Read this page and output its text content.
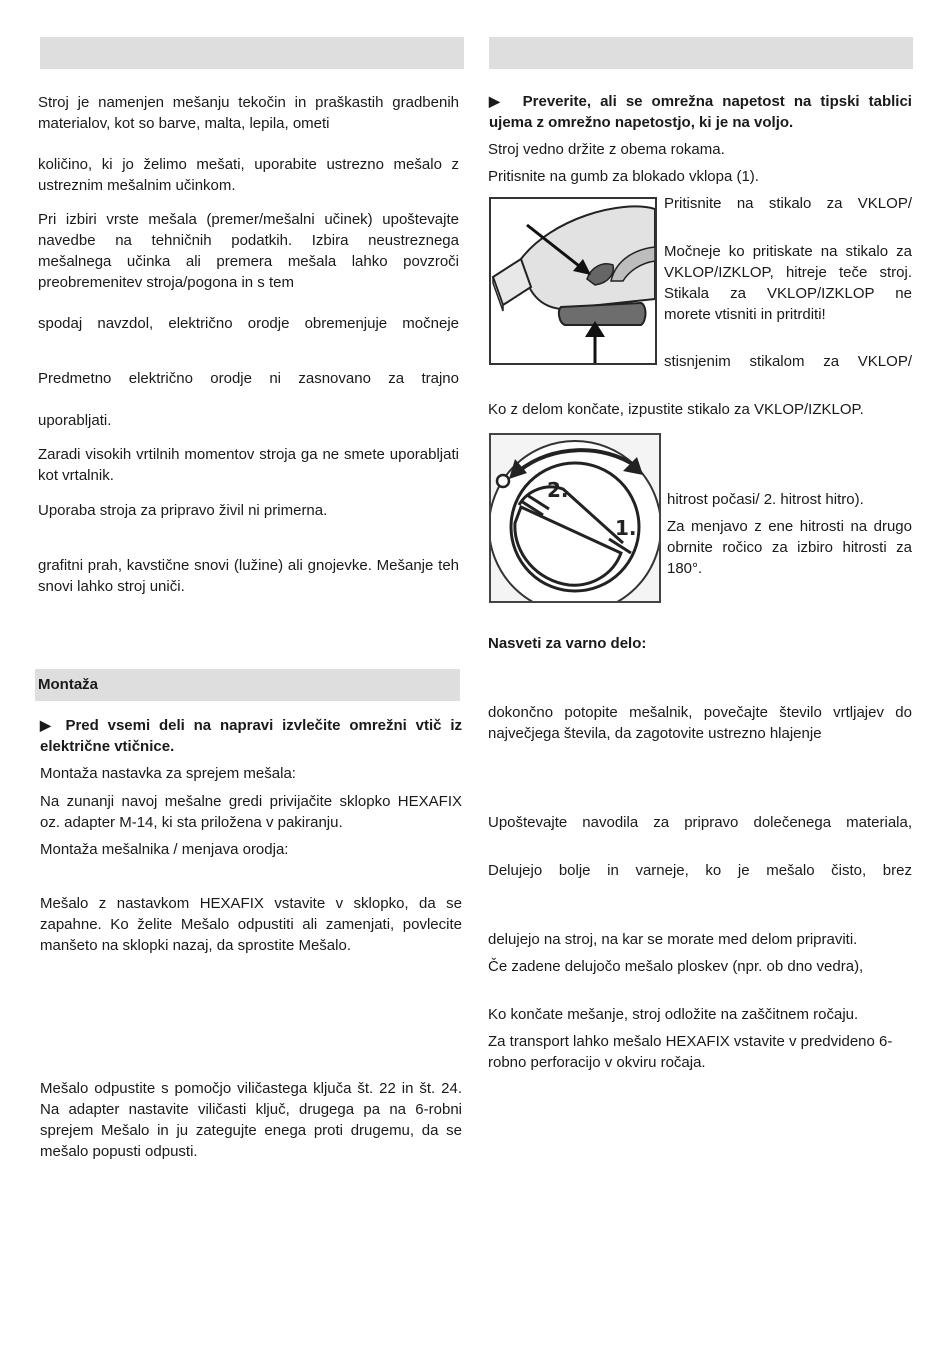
Stroj je namenjen mešanju tekočin in praškastih gradbenih materialov, kot so barve, malta, lepila, ometi

količino, ki jo želimo mešati, uporabite ustrezno mešalo z ustreznim mešalnim učinkom.

Pri izbiri vrste mešala (premer/mešalni učinek) upoštevajte navedbe na tehničnih podatkih. Izbira neustreznega mešalnega učinka ali premera mešala lahko povzroči preobremenitev stroja/pogona in s tem

spodaj navzdol, električno orodje obremenjuje močneje

Predmetno električno orodje ni zasnovano za trajno

uporabljati.

Zaradi visokih vrtilnih momentov stroja ga ne smete uporabljati kot vrtalnik.

Uporaba stroja za pripravo živil ni primerna.

grafitni prah, kavstične snovi (lužine) ali gnojevke. Mešanje teh snovi lahko stroj uniči.

Montaža

▶ Pred vsemi deli na napravi izvlečite omrežni vtič iz električne vtičnice.

Montaža nastavka za sprejem mešala:

Na zunanji navoj mešalne gredi privijačite sklopko HEXAFIX oz. adapter M-14, ki sta priložena v pakiranju.

Montaža mešalnika / menjava orodja:

Mešalo z nastavkom HEXAFIX vstavite v sklopko, da se zapahne. Ko želite Mešalo odpustiti ali zamenjati, povlecite manšeto na sklopki nazaj, da sprostite Mešalo.

Mešalo odpustite s pomočjo viličastega ključa št. 22 in št. 24. Na adapter nastavite viličasti ključ, drugega pa na 6-robni sprejem Mešalo in ju zategujte enega proti drugemu, da se mešalo popusti odpusti.

▶ Preverite, ali se omrežna napetost na tipski tablici ujema z omrežno napetostjo, ki je na voljo.

Stroj vedno držite z obema rokama.

Pritisnite na gumb za blokado vklopa (1).

Pritisnite na stikalo za VKLOP/

Močneje ko pritiskate na stikalo za VKLOP/IZKLOP, hitreje teče stroj. Stikala za VKLOP/IZKLOP ne morete vtisniti in pritrditi!

stisnjenim stikalom za VKLOP/

Ko z delom končate, izpustite stikalo za VKLOP/IZKLOP.

2.
1.

hitrost počasi/ 2. hitrost hitro).

Za menjavo z ene hitrosti na drugo obrnite ročico za izbiro hitrosti za 180°.

Nasveti za varno delo:

dokončno potopite mešalnik, povečajte število vrtljajev do največjega števila, da zagotovite ustrezno hlajenje

Upoštevajte navodila za pripravo dolečenega materiala,

Delujejo bolje in varneje, ko je mešalo čisto, brez

delujejo na stroj, na kar se morate med delom pripraviti.

Če zadene delujočo mešalo ploskev (npr. ob dno vedra),

Ko končate mešanje, stroj odložite na zaščitnem ročaju.

Za transport lahko mešalo HEXAFIX vstavite v predvideno 6-robno perforacijo v okviru ročaja.
